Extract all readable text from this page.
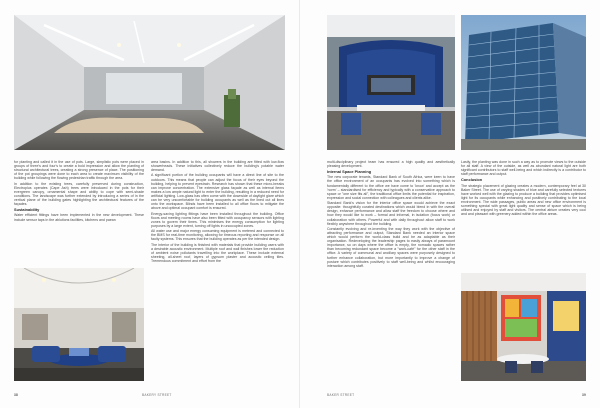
for planting and called it in the use of pots. Large, simplistic pots were placed in groups of three's and four's to create a bold impression and allow the planting of structural architectural trees, creating a strong presence of place. The positioning of the pot groupings were done to each area to create maximum visibility of the building while following the flowing pedestrian traffic through the area.

In addition to the existing trees, carefully preserved during construction, Electroplus operates (Cape Ash) trees were introduced in the pots for their evergreen canopy, ornamental shape and ability to cope with semi-shade conditions. The landscape was further extended by introducing a series of in the vertical plane of the building gates highlighting the architectural features of the façades.

Sustainability

Water efficient fittings have been implemented in the new development. These include sensor taps in the ablutions facilities, kitchens and paean

area basins. In addition to this, all showers in the building are fitted with low-flow showerheads. These initiatives collectively reduce the building's potable water demand.

A significant portion of the building occupants will have a direct line of site to the outdoors. This means that people can adjust the focus of their eyes beyond the building, helping to prevent eyestrain. Research has shown that these micro-breaks can improve concentration. The extensive glass façade as well as internal items makes a low ample natural light to enter the building, resulting in a reduced need for artificial lighting. Low-glass has often come with the downside of daylight glare which can be very uncomfortable for building occupants as well as the lined out all lines onto the workspace. Blinds have been installed to all office floors to mitigate the above and optimal occupant comfort is ensured.

Energy-saving lighting fittings have been installed throughout the building. Office floors and meeting rooms have also been fitted with occupancy sensors with lighting zones to govern their times. This minimises the energy consumption for lighting purposes by a large extent, turning off lights in unoccupied zones.

All water use and major energy consuming equipment is metered and connected to the BMS for real-time monitoring, allowing for timeous reporting and response on all faulty systems. This ensures that the building operates as per the intended design.

The interior of the building is finished with materials that provide building users with a desirable acoustic environment. Multiple roof and wall finishes lower the reduction of ambient noise pollutants travelling into the workplace. These include external sheeting, all-sheet roof, layers of gypsum plaster and acoustic ceiling tiles. Tremendous commitment and effort from the

38	BAKERY STREET

multi-disciplinary project team has ensured a high quality and aesthetically pleasing development.

Internal Space Planning

The new corporate tenants, Standard Bank of South Africa, were keen to have the office environment of an occupants has evolved into something which is fundamentally different to the office we have come to 'know' and accept as the 'norm' – standardised for efficiency and typically with a conservative approach to space or "one size fits all", the traditional office limits the potential for inspiration, expression and social connection with colleagues and clients alike.

Standard Bank's vision for the interior office space would achieve the exact opposite: thoughtfully curated destinations which would blend in with the overall design, enhance performance and allow staff the freedom to choose where and how they would like to work – formal and informal, in isolation (focus work) or collaboration with others. Powerful and with daily throughout allow staff to work flexibly anywhere throughout the building.

Constantly evolving and re-inventing the way they work with the objective of attracting performance and output, Standard Bank needed an interior space which would perform the world-class build and be as adaptable as their organisation. Redeveloping the leadership pages to easily always of paramount importance, so on days where the office is empty, the nomadic spaces rather than becoming redundant space become a "work-café" for the other staff in the office. A variety of communal and ancillary spaces were purposely designed to further enhance collaboration, but more importantly to improve a change of posture which contributes positively to staff well-being and whilst encouraging interaction among staff.

Lastly, the planting was done in such a way as to promote views to the outside for all staff. A view of the outside, as well as abundant natural light are both significant contributors to staff well-being and which indirectly is a contributor to staff performance and output.

Conclusion

The strategic placement of glazing creates a modern, contemporary feel at 30 Baker Street. The use of varying shades of blue and carefully selected textures have worked well with the glazing to produce a building that provides optimised light for its occupants while enhancing and positively contributing to the local environment. The wide passages, public areas and new office environment is something special with great light quality and sense of space which is being utilised and enjoyed by staff and visitors. The central atrium creates very cool and and pleasant with greenery added within the office areas.

BAKER STREET	39
